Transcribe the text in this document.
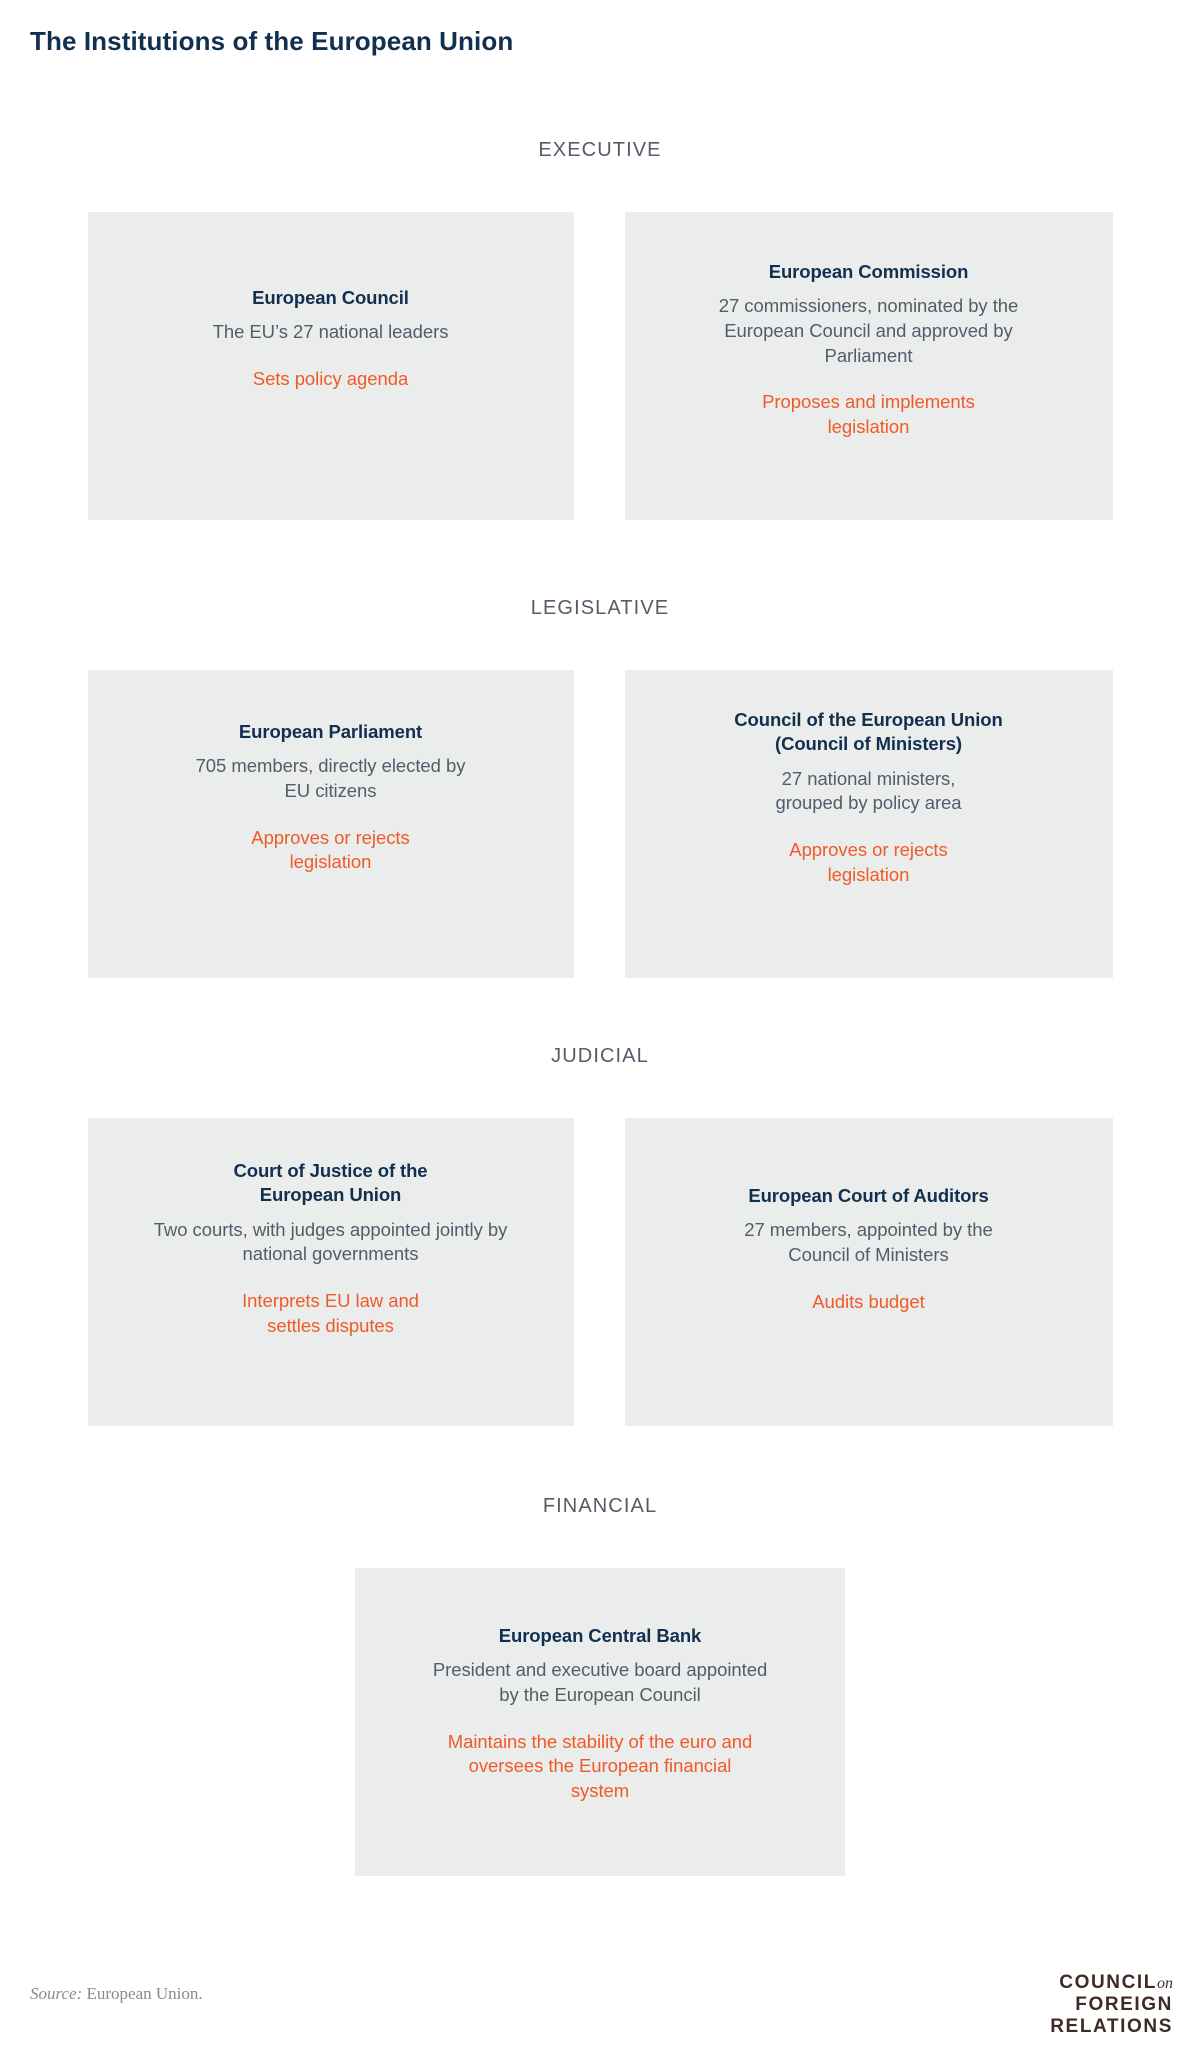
The Institutions of the European Union
EXECUTIVE
European Council
The EU’s 27 national leaders
Sets policy agenda
European Commission
27 commissioners, nominated by the European Council and approved by Parliament
Proposes and implements legislation
LEGISLATIVE
European Parliament
705 members, directly elected by EU citizens
Approves or rejects legislation
Council of the European Union (Council of Ministers)
27 national ministers, grouped by policy area
Approves or rejects legislation
JUDICIAL
Court of Justice of the European Union
Two courts, with judges appointed jointly by national governments
Interprets EU law and settles disputes
European Court of Auditors
27 members, appointed by the Council of Ministers
Audits budget
FINANCIAL
European Central Bank
President and executive board appointed by the European Council
Maintains the stability of the euro and oversees the European financial system
Source: European Union.
COUNCILon
FOREIGN
RELATIONS
